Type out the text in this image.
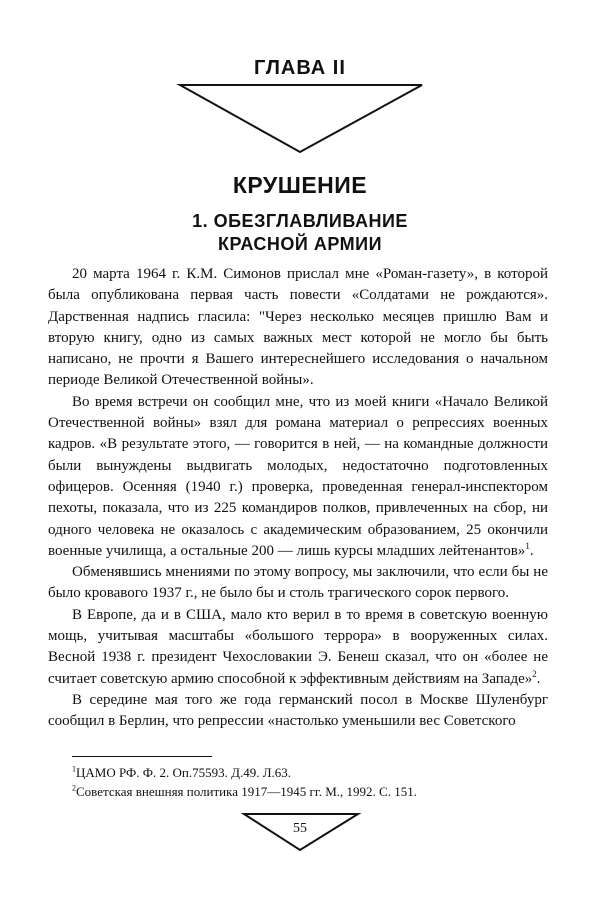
ГЛАВА II
КРУШЕНИЕ
1. ОБЕЗГЛАВЛИВАНИЕ
КРАСНОЙ АРМИИ

20 марта 1964 г. К.М. Симонов прислал мне «Роман-газету», в которой была опубликована первая часть повести «Солдатами не рождаются». Дарственная надпись гласила: "Через несколько месяцев пришлю Вам и вторую книгу, одно из самых важных мест которой не могло бы быть написано, не прочти я Вашего интереснейшего исследования о начальном периоде Великой Отечественной войны».

Во время встречи он сообщил мне, что из моей книги «Начало Великой Отечественной войны» взял для романа материал о репрессиях военных кадров. «В результате этого, — говорится в ней, — на командные должности были вынуждены выдвигать молодых, недостаточно подготовленных офицеров. Осенняя (1940 г.) проверка, проведенная генерал-инспектором пехоты, показала, что из 225 командиров полков, привлеченных на сбор, ни одного человека не оказалось с академическим образованием, 25 окончили военные училища, а остальные 200 — лишь курсы младших лейтенантов»$^1$.

Обменявшись мнениями по этому вопросу, мы заключили, что если бы не было кровавого 1937 г., не было бы и столь трагического сорок первого.

В Европе, да и в США, мало кто верил в то время в советскую военную мощь, учитывая масштабы «большого террора» в вооруженных силах. Весной 1938 г. президент Чехословакии Э. Бенеш сказал, что он «более не считает советскую армию способной к эффективным действиям на Западе»$^2$.

В середине мая того же года германский посол в Москве Шуленбург сообщил в Берлин, что репрессии «настолько уменьшили вес Советского

$^1$ЦАМО РФ. Ф. 2. Оп.75593. Д.49. Л.63.
$^2$Советская внешняя политика 1917—1945 гг. М., 1992. С. 151.
55
